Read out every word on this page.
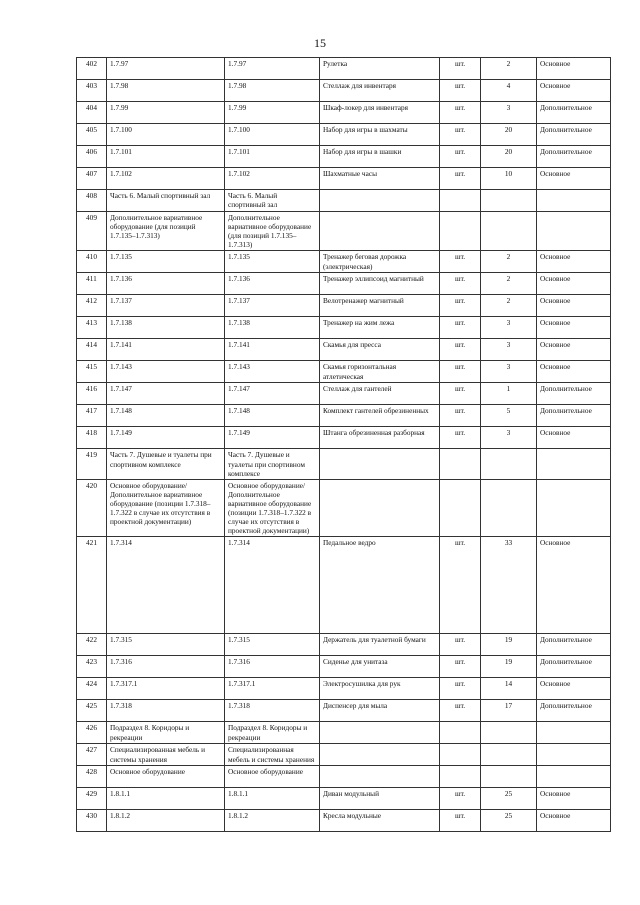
15
402	1.7.97	1.7.97	Рулетка	шт.	2	Основное
403	1.7.98	1.7.98	Стеллаж для инвентаря	шт.	4	Основное
404	1.7.99	1.7.99	Шкаф-локер для инвентаря	шт.	3	Дополнительное
405	1.7.100	1.7.100	Набор для игры в шахматы	шт.	20	Дополнительное
406	1.7.101	1.7.101	Набор для игры в шашки	шт.	20	Дополнительное
407	1.7.102	1.7.102	Шахматные часы	шт.	10	Основное
408	Часть 6. Малый спортивный зал	Часть 6. Малый спортивный зал				
409	Дополнительное вариативное оборудование (для позиций 1.7.135–1.7.313)	Дополнительное вариативное оборудование (для позиций 1.7.135–1.7.313)				
410	1.7.135	1.7.135	Тренажер беговая дорожка (электрическая)	шт.	2	Основное
411	1.7.136	1.7.136	Тренажер эллипсоид магнитный	шт.	2	Основное
412	1.7.137	1.7.137	Велотренажер магнитный	шт.	2	Основное
413	1.7.138	1.7.138	Тренажер на жим лежа	шт.	3	Основное
414	1.7.141	1.7.141	Скамья для пресса	шт.	3	Основное
415	1.7.143	1.7.143	Скамья горизонтальная атлетическая	шт.	3	Основное
416	1.7.147	1.7.147	Стеллаж для гантелей	шт.	1	Дополнительное
417	1.7.148	1.7.148	Комплект гантелей обрезиненных	шт.	5	Дополнительное
418	1.7.149	1.7.149	Штанга обрезиненная разборная	шт.	3	Основное
419	Часть 7. Душевые и туалеты при спортивном комплексе	Часть 7. Душевые и туалеты при спортивном комплексе				
420	Основное оборудование/ Дополнительное вариативное оборудование (позиции 1.7.318–1.7.322 в случае их отсутствия в проектной документации)	Основное оборудование/Дополнительное вариативное оборудование (позиции 1.7.318–1.7.322 в случае их отсутствия в проектной документации)				
421	1.7.314	1.7.314	Педальное ведро	шт.	33	Основное
422	1.7.315	1.7.315	Держатель для туалетной бумаги	шт.	19	Дополнительное
423	1.7.316	1.7.316	Сиденье для унитаза	шт.	19	Дополнительное
424	1.7.317.1	1.7.317.1	Электросушилка для рук	шт.	14	Основное
425	1.7.318	1.7.318	Диспенсер для мыла	шт.	17	Дополнительное
426	Подраздел 8. Коридоры и рекреации	Подраздел 8. Коридоры и рекреации				
427	Специализированная мебель и системы хранения	Специализированная мебель и системы хранения				
428	Основное оборудование	Основное оборудование				
429	1.8.1.1	1.8.1.1	Диван модульный	шт.	25	Основное
430	1.8.1.2	1.8.1.2	Кресла модульные	шт.	25	Основное
